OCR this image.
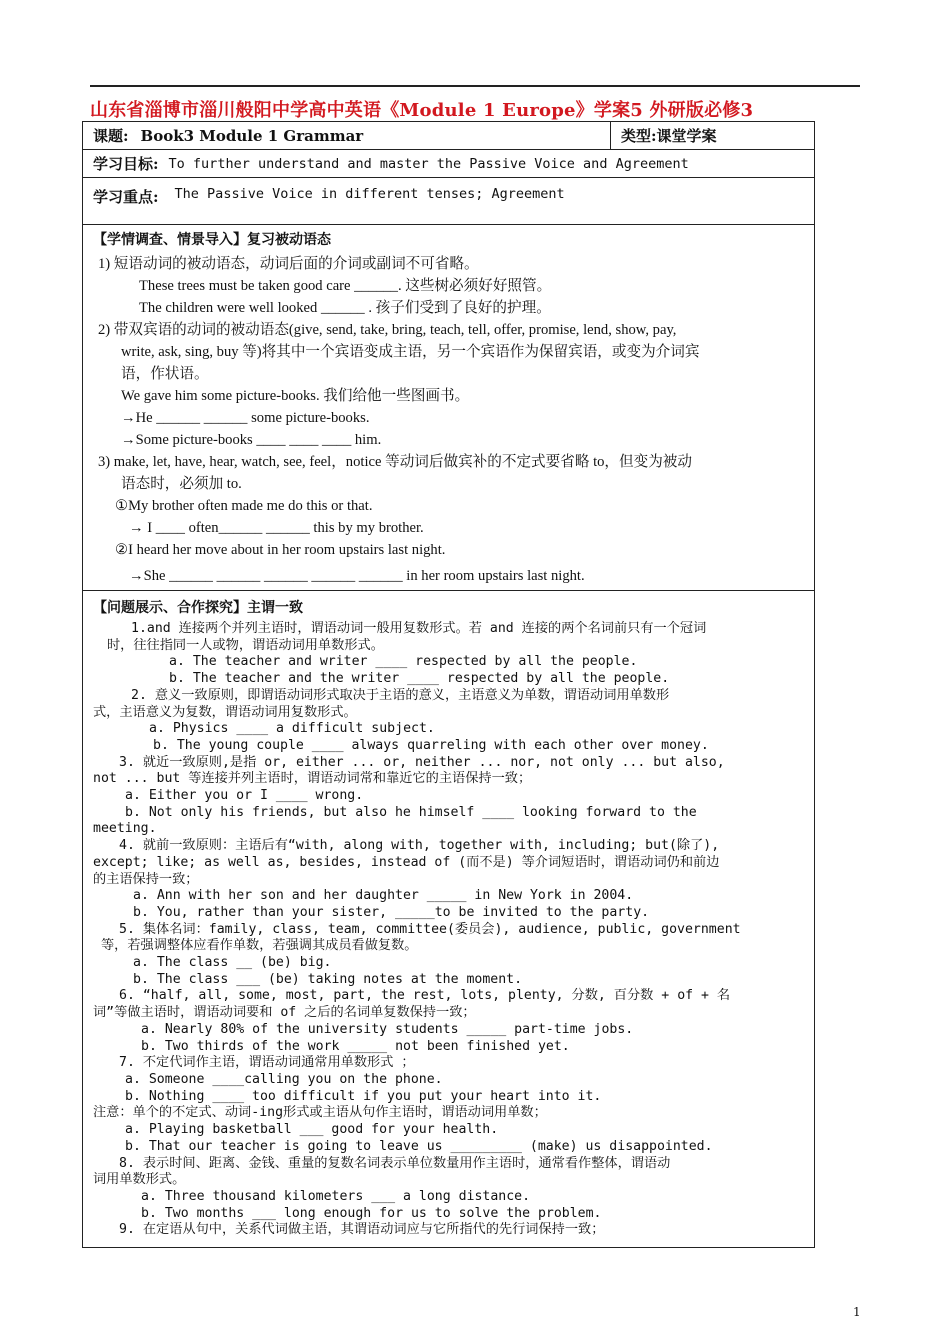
山东省淄博市淄川般阳中学高中英语《Module 1 Europe》学案5 外研版必修3
课题: Book3 Module 1 Grammar	类型: 课堂学案
学习目标: To further understand and master the Passive Voice and Agreement
学习重点: The Passive Voice in different tenses; Agreement
【学情调查、情景导入】复习被动语态
1) 短语动词的被动语态，动词后面的介词或副词不可省略。
These trees must be taken good care ______. 这些树必须好好照管。
The children were well looked ______ . 孩子们受到了良好的护理。
2) 带双宾语的动词的被动语态(give, send, take, bring, teach, tell, offer, promise, lend, show, pay,
write, ask, sing, buy 等)将其中一个宾语变成主语，另一个宾语作为保留宾语，或变为介词宾
语，作状语。
We gave him some picture-books. 我们给他一些图画书。
→He ______ ______ some picture-books.
→Some picture-books ____ ____ ____ him.
3) make, let, have, hear, watch, see, feel，notice 等动词后做宾补的不定式要省略 to，但变为被动
语态时，必须加 to.
①My brother often made me do this or that.
→ I ____ often______ ______ this by my brother.
②I heard her move about in her room upstairs last night.
→She ______ ______ ______ ______ ______ in her room upstairs last night.
【问题展示、合作探究】主谓一致
1.and 连接两个并列主语时，谓语动词一般用复数形式。若 and 连接的两个名词前只有一个冠词
时，往往指同一人或物，谓语动词用单数形式。
a. The teacher and writer ____ respected by all the people.
b. The teacher and the writer ____ respected by all the people.
2. 意义一致原则，即谓语动词形式取决于主语的意义，主语意义为单数，谓语动词用单数形
式，主语意义为复数，谓语动词用复数形式。
a. Physics ____ a difficult subject.
b. The young couple ____ always quarreling with each other over money.
3. 就近一致原则,是指 or, either ... or, neither ... nor, not only ... but also,
not ... but 等连接并列主语时，谓语动词常和靠近它的主语保持一致；
a. Either you or I ____ wrong.
b. Not only his friends, but also he himself ____ looking forward to the
meeting.
4. 就前一致原则：主语后有“with, along with, together with, including; but(除了),
except; like; as well as, besides, instead of (而不是) 等介词短语时，谓语动词仍和前边
的主语保持一致；
a. Ann with her son and her daughter _____ in New York in 2004.
b. You, rather than your sister, _____to be invited to the party.
5. 集体名词：family, class, team, committee(委员会), audience, public, government
等，若强调整体应看作单数，若强调其成员看做复数。
a. The class __ (be) big.
b. The class ___ (be) taking notes at the moment.
6. “half, all, some, most, part, the rest, lots, plenty, 分数, 百分数 + of + 名
词”等做主语时，谓语动词要和 of 之后的名词单复数保持一致；
a. Nearly 80% of the university students _____ part-time jobs.
b. Two thirds of the work _____ not been finished yet.
7. 不定代词作主语，谓语动词通常用单数形式 ；
a. Someone ____calling you on the phone.
b. Nothing ____ too difficult if you put your heart into it.
注意：单个的不定式、动词-ing形式或主语从句作主语时，谓语动词用单数；
a. Playing basketball ___ good for your health.
b. That our teacher is going to leave us _________ (make) us disappointed.
8. 表示时间、距离、金钱、重量的复数名词表示单位数量用作主语时，通常看作整体，谓语动
词用单数形式。
a. Three thousand kilometers ___ a long distance.
b. Two months ___ long enough for us to solve the problem.
9. 在定语从句中，关系代词做主语，其谓语动词应与它所指代的先行词保持一致；
1
